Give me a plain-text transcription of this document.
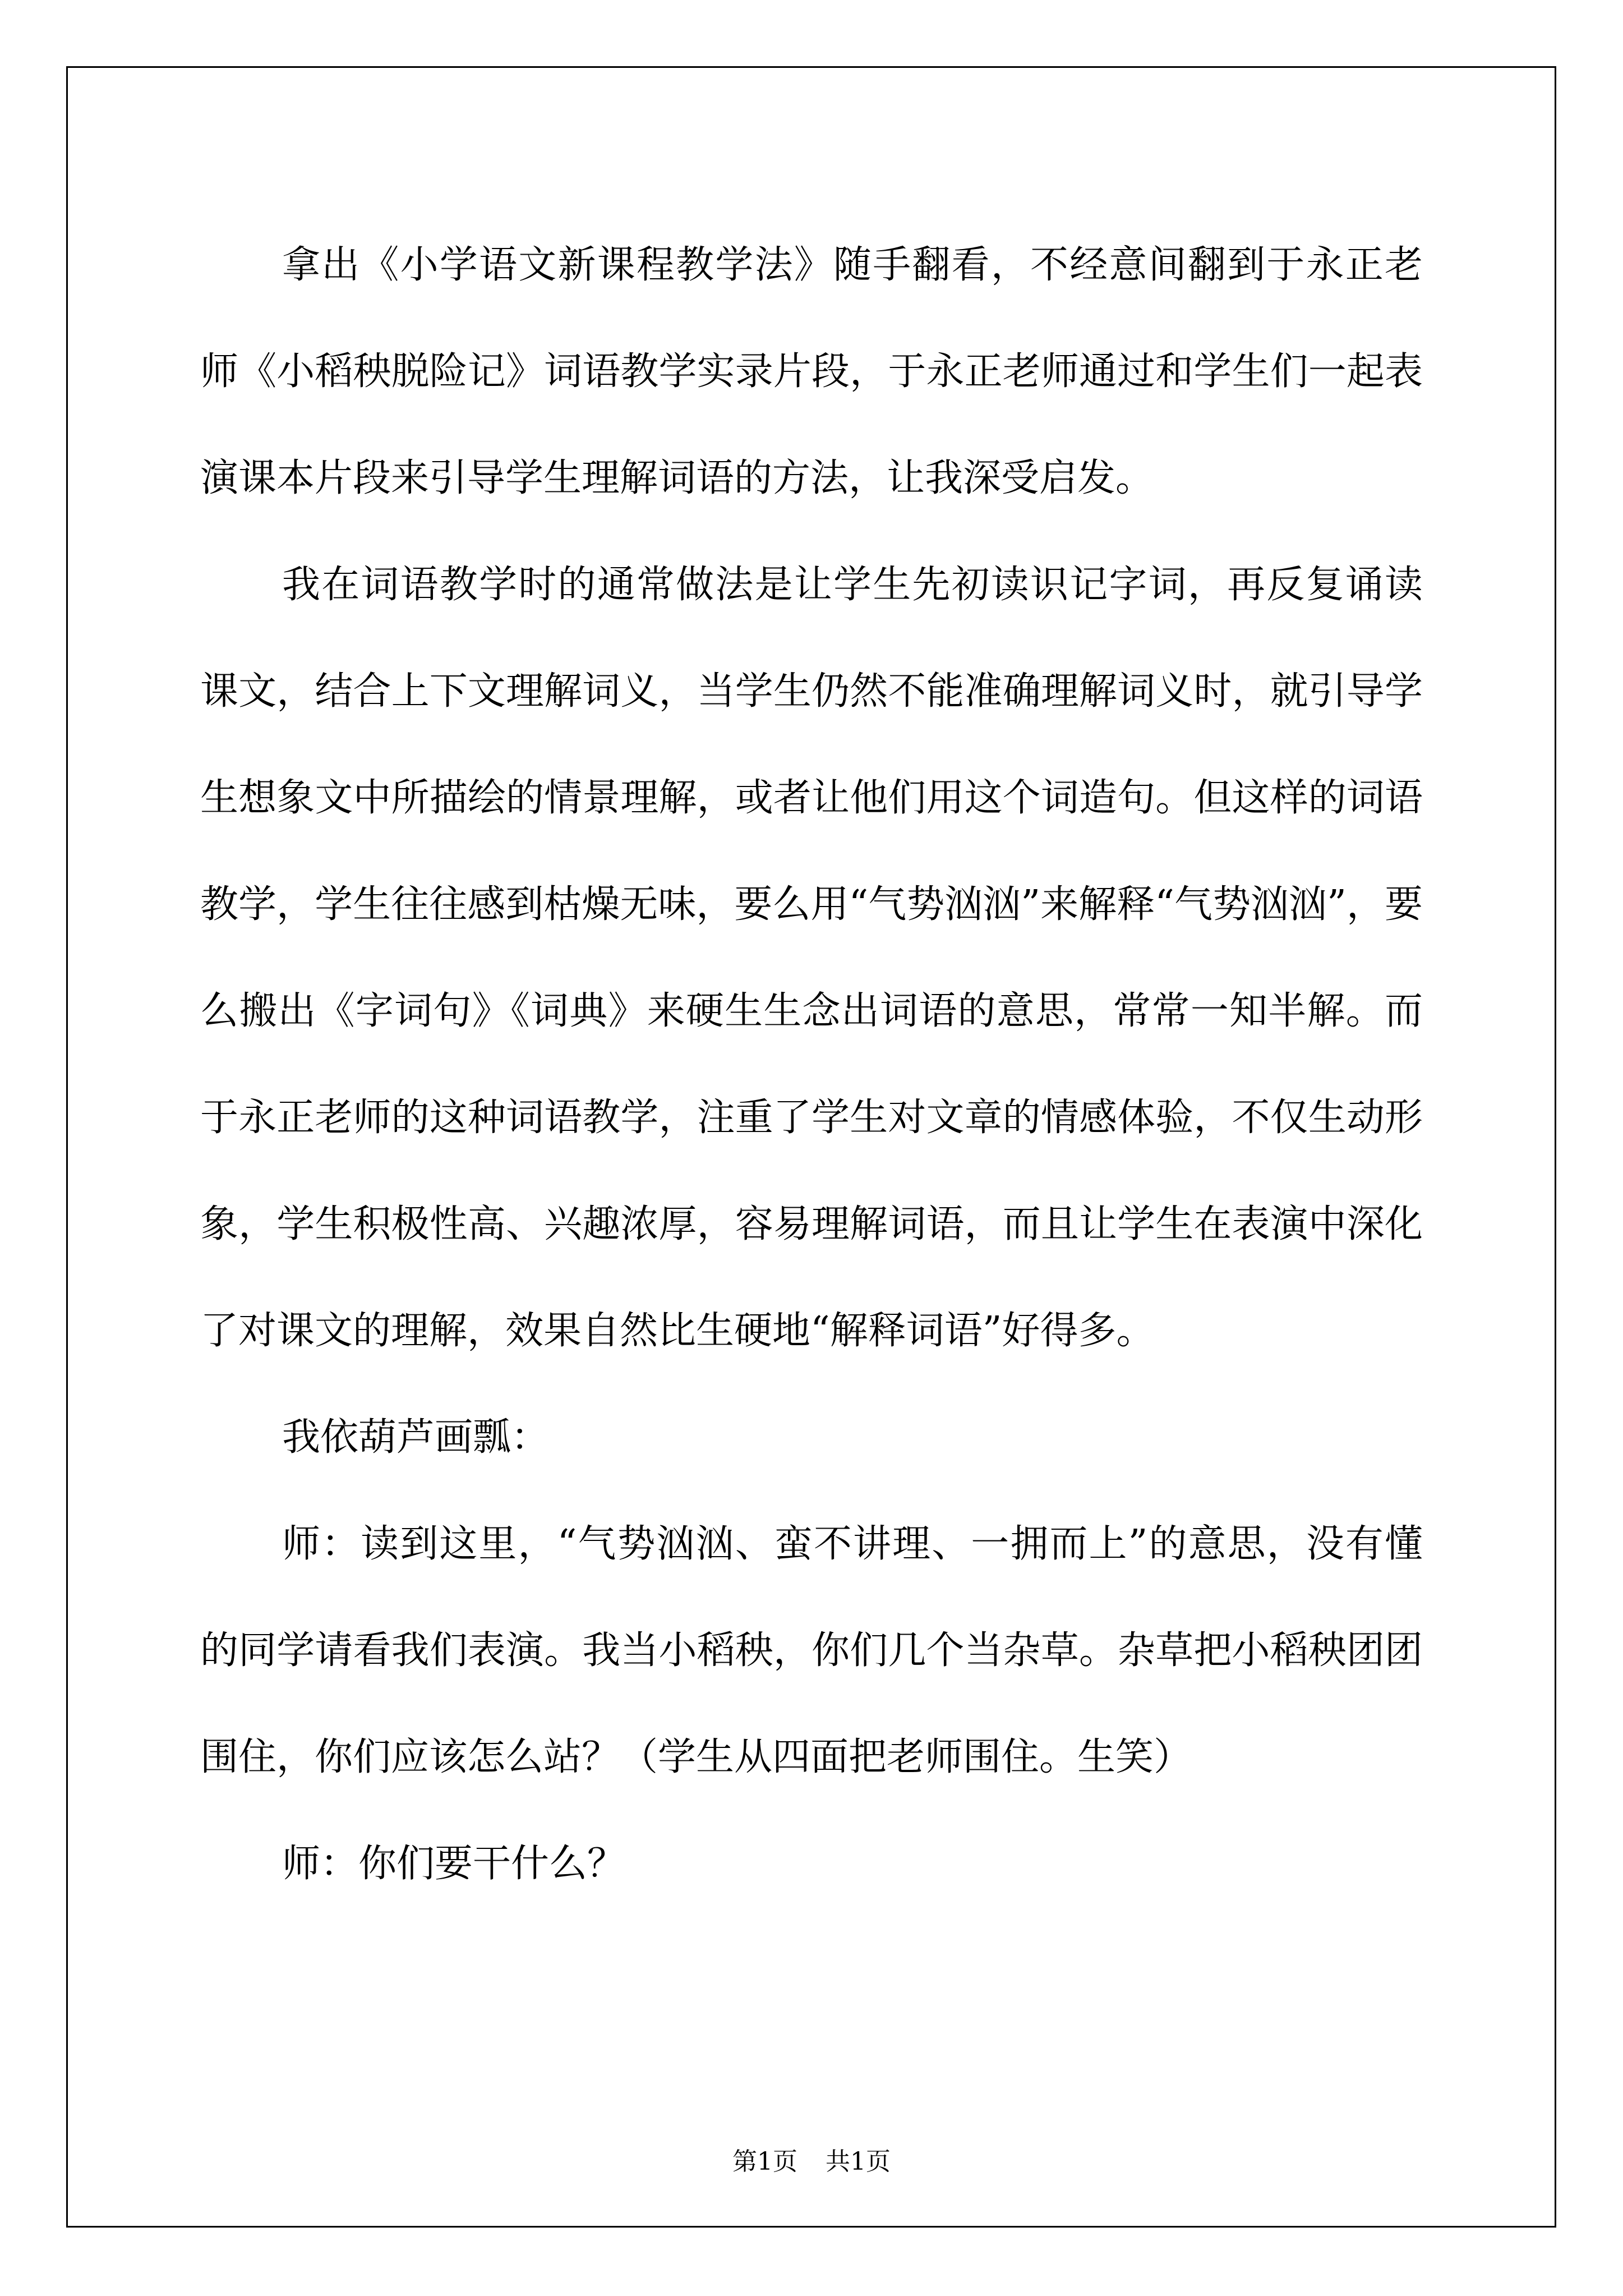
拿出《小学语文新课程教学法》随手翻看，不经意间翻到于永正老师《小稻秧脱险记》词语教学实录片段，于永正老师通过和学生们一起表演课本片段来引导学生理解词语的方法，让我深受启发。

我在词语教学时的通常做法是让学生先初读识记字词，再反复诵读课文，结合上下文理解词义，当学生仍然不能准确理解词义时，就引导学生想象文中所描绘的情景理解，或者让他们用这个词造句。但这样的词语教学，学生往往感到枯燥无味，要么用“气势汹汹”来解释“气势汹汹”，要么搬出《字词句》《词典》来硬生生念出词语的意思，常常一知半解。而于永正老师的这种词语教学，注重了学生对文章的情感体验，不仅生动形象，学生积极性高、兴趣浓厚，容易理解词语，而且让学生在表演中深化了对课文的理解，效果自然比生硬地“解释词语”好得多。

我依葫芦画瓢：

师：读到这里，“气势汹汹、蛮不讲理、一拥而上”的意思，没有懂的同学请看我们表演。我当小稻秧，你们几个当杂草。杂草把小稻秧团团围住，你们应该怎么站？（学生从四面把老师围住。生笑）

师：你们要干什么？

第1页 共1页
